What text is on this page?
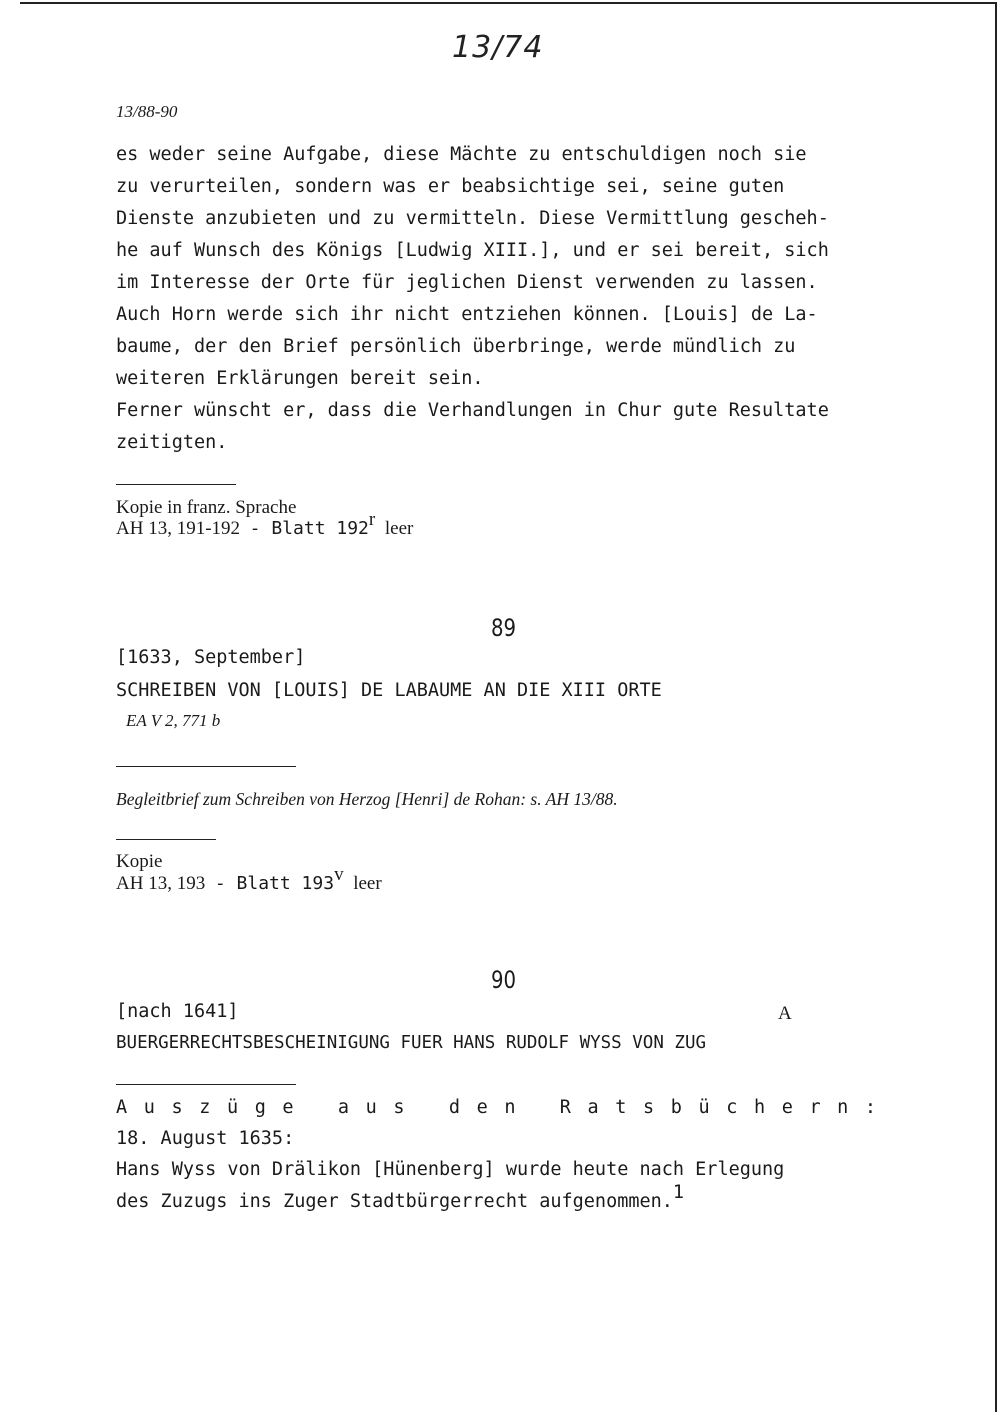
13/74
13/88-90
es weder seine Aufgabe, diese Mächte zu entschuldigen noch sie
zu verurteilen, sondern was er beabsichtige sei, seine guten
Dienste anzubieten und zu vermitteln. Diese Vermittlung gescheh-
he auf Wunsch des Königs [Ludwig XIII.], und er sei bereit, sich
im Interesse der Orte für jeglichen Dienst verwenden zu lassen.
Auch Horn werde sich ihr nicht entziehen können. [Louis] de La-
baume, der den Brief persönlich überbringe, werde mündlich zu
weiteren Erklärungen bereit sein.
Ferner wünscht er, dass die Verhandlungen in Chur gute Resultate
zeitigten.
Kopie in franz. Sprache
AH 13, 191-192 - Blatt 192$^r$ leer
89
[1633, September]
SCHREIBEN VON [LOUIS] DE LABAUME AN DIE XIII ORTE
EA V 2, 771 b
Begleitbrief zum Schreiben von Herzog [Henri] de Rohan: s. AH 13/88.
Kopie
AH 13, 193 - Blatt 193$^v$ leer
90
[nach 1641]	A
BUERGERRECHTSBESCHEINIGUNG FUER HANS RUDOLF WYSS VON ZUG
Auszüge aus den Ratsbüchern:
18. August 1635:
Hans Wyss von Drälikon [Hünenberg] wurde heute nach Erlegung
des Zuzugs ins Zuger Stadtbürgerrecht aufgenommen.$^1$
